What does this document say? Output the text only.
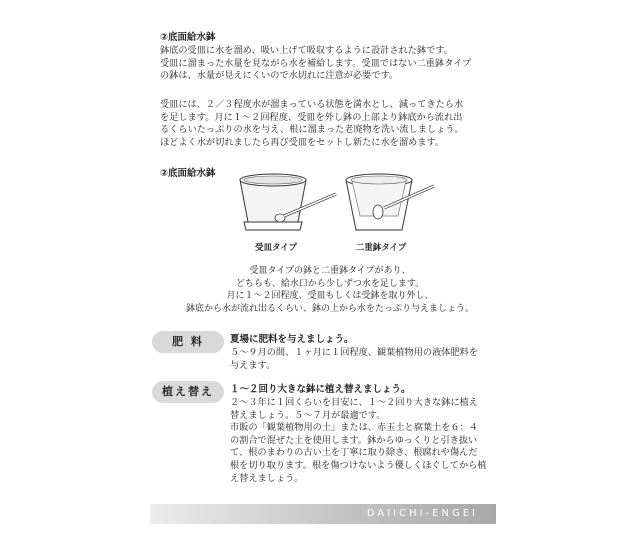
②底面給水鉢
鉢底の受皿に水を溜め、吸い上げて吸収するように設計された鉢です。
受皿に溜まった水量を見ながら水を補給します。受皿ではない二重鉢タイプ
の鉢は、水量が見えにくいので水切れに注意が必要です。
受皿には、２／３程度水が溜まっている状態を満水とし、減ってきたら水
を足します。月に１～２回程度、受皿を外し鉢の上部より鉢底から流れ出
るくらいたっぷりの水を与え、根に溜まった老廃物を洗い流しましょう。
ほどよく水が切れましたら再び受皿をセットし新たに水を溜めます。
②底面給水鉢
受皿タイプ	二重鉢タイプ
受皿タイプの鉢と二重鉢タイプがあり、
どちらも、給水口から少しずつ水を足します。
月に１～２回程度、受皿もしくは受鉢を取り外し、
鉢底から水が流れ出るくらい、鉢の上から水をたっぷり与えましょう。
肥 料	夏場に肥料を与えましょう。
５～９月の間、１ヶ月に１回程度、観葉植物用の液体肥料を
与えます。
植え替え	１～２回り大きな鉢に植え替えましょう。
２～３年に１回くらいを目安に、１～２回り大きな鉢に植え
替えましょう。５～７月が最適です。
市販の「観葉植物用の土」または、赤玉土と腐葉土を６：４
の割合で混ぜた土を使用します。鉢からゆっくりと引き抜い
て、根のまわりの古い土を丁寧に取り除き、根腐れや傷んだ
根を切り取ります。根を傷つけないよう優しくほぐしてから植
え替えましょう。
DAIICHI-ENGEI
